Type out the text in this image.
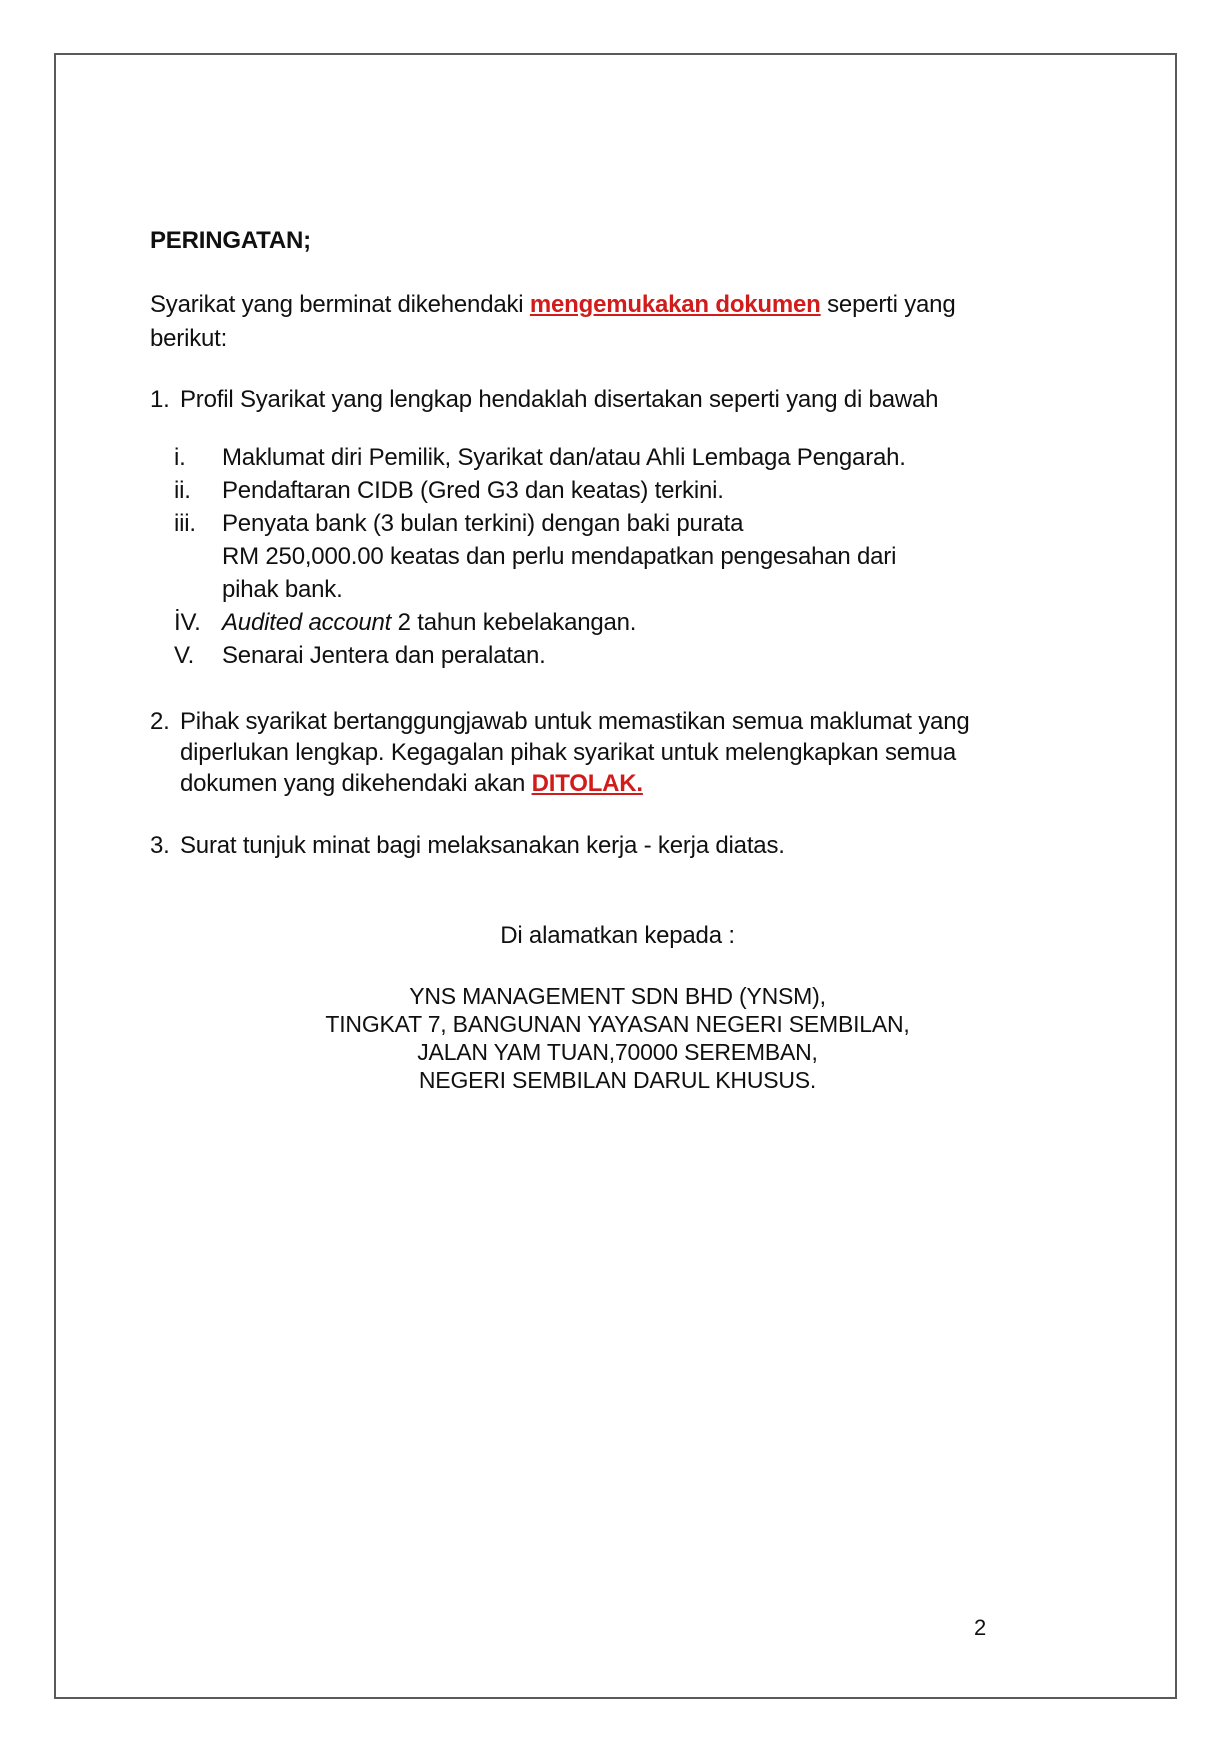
PERINGATAN;

Syarikat yang berminat dikehendaki mengemukakan dokumen seperti yang
berikut:

1. Profil Syarikat yang lengkap hendaklah disertakan seperti yang di bawah
i.	Maklumat diri Pemilik, Syarikat dan/atau Ahli Lembaga Pengarah.
ii.	Pendaftaran CIDB (Gred G3 dan keatas) terkini.
iii.	Penyata bank (3 bulan terkini) dengan baki purata
RM 250,000.00 keatas dan perlu mendapatkan pengesahan dari
pihak bank.
İV. Audited account 2 tahun kebelakangan.
V.	Senarai Jentera dan peralatan.
2. Pihak syarikat bertanggungjawab untuk memastikan semua maklumat yang
diperlukan lengkap. Kegagalan pihak syarikat untuk melengkapkan semua
dokumen yang dikehendaki akan DITOLAK.
3. Surat tunjuk minat bagi melaksanakan kerja - kerja diatas.

Di alamatkan kepada :

YNS MANAGEMENT SDN BHD (YNSM),
TINGKAT 7, BANGUNAN YAYASAN NEGERI SEMBILAN,
JALAN YAM TUAN,70000 SEREMBAN,
NEGERI SEMBILAN DARUL KHUSUS.
2
